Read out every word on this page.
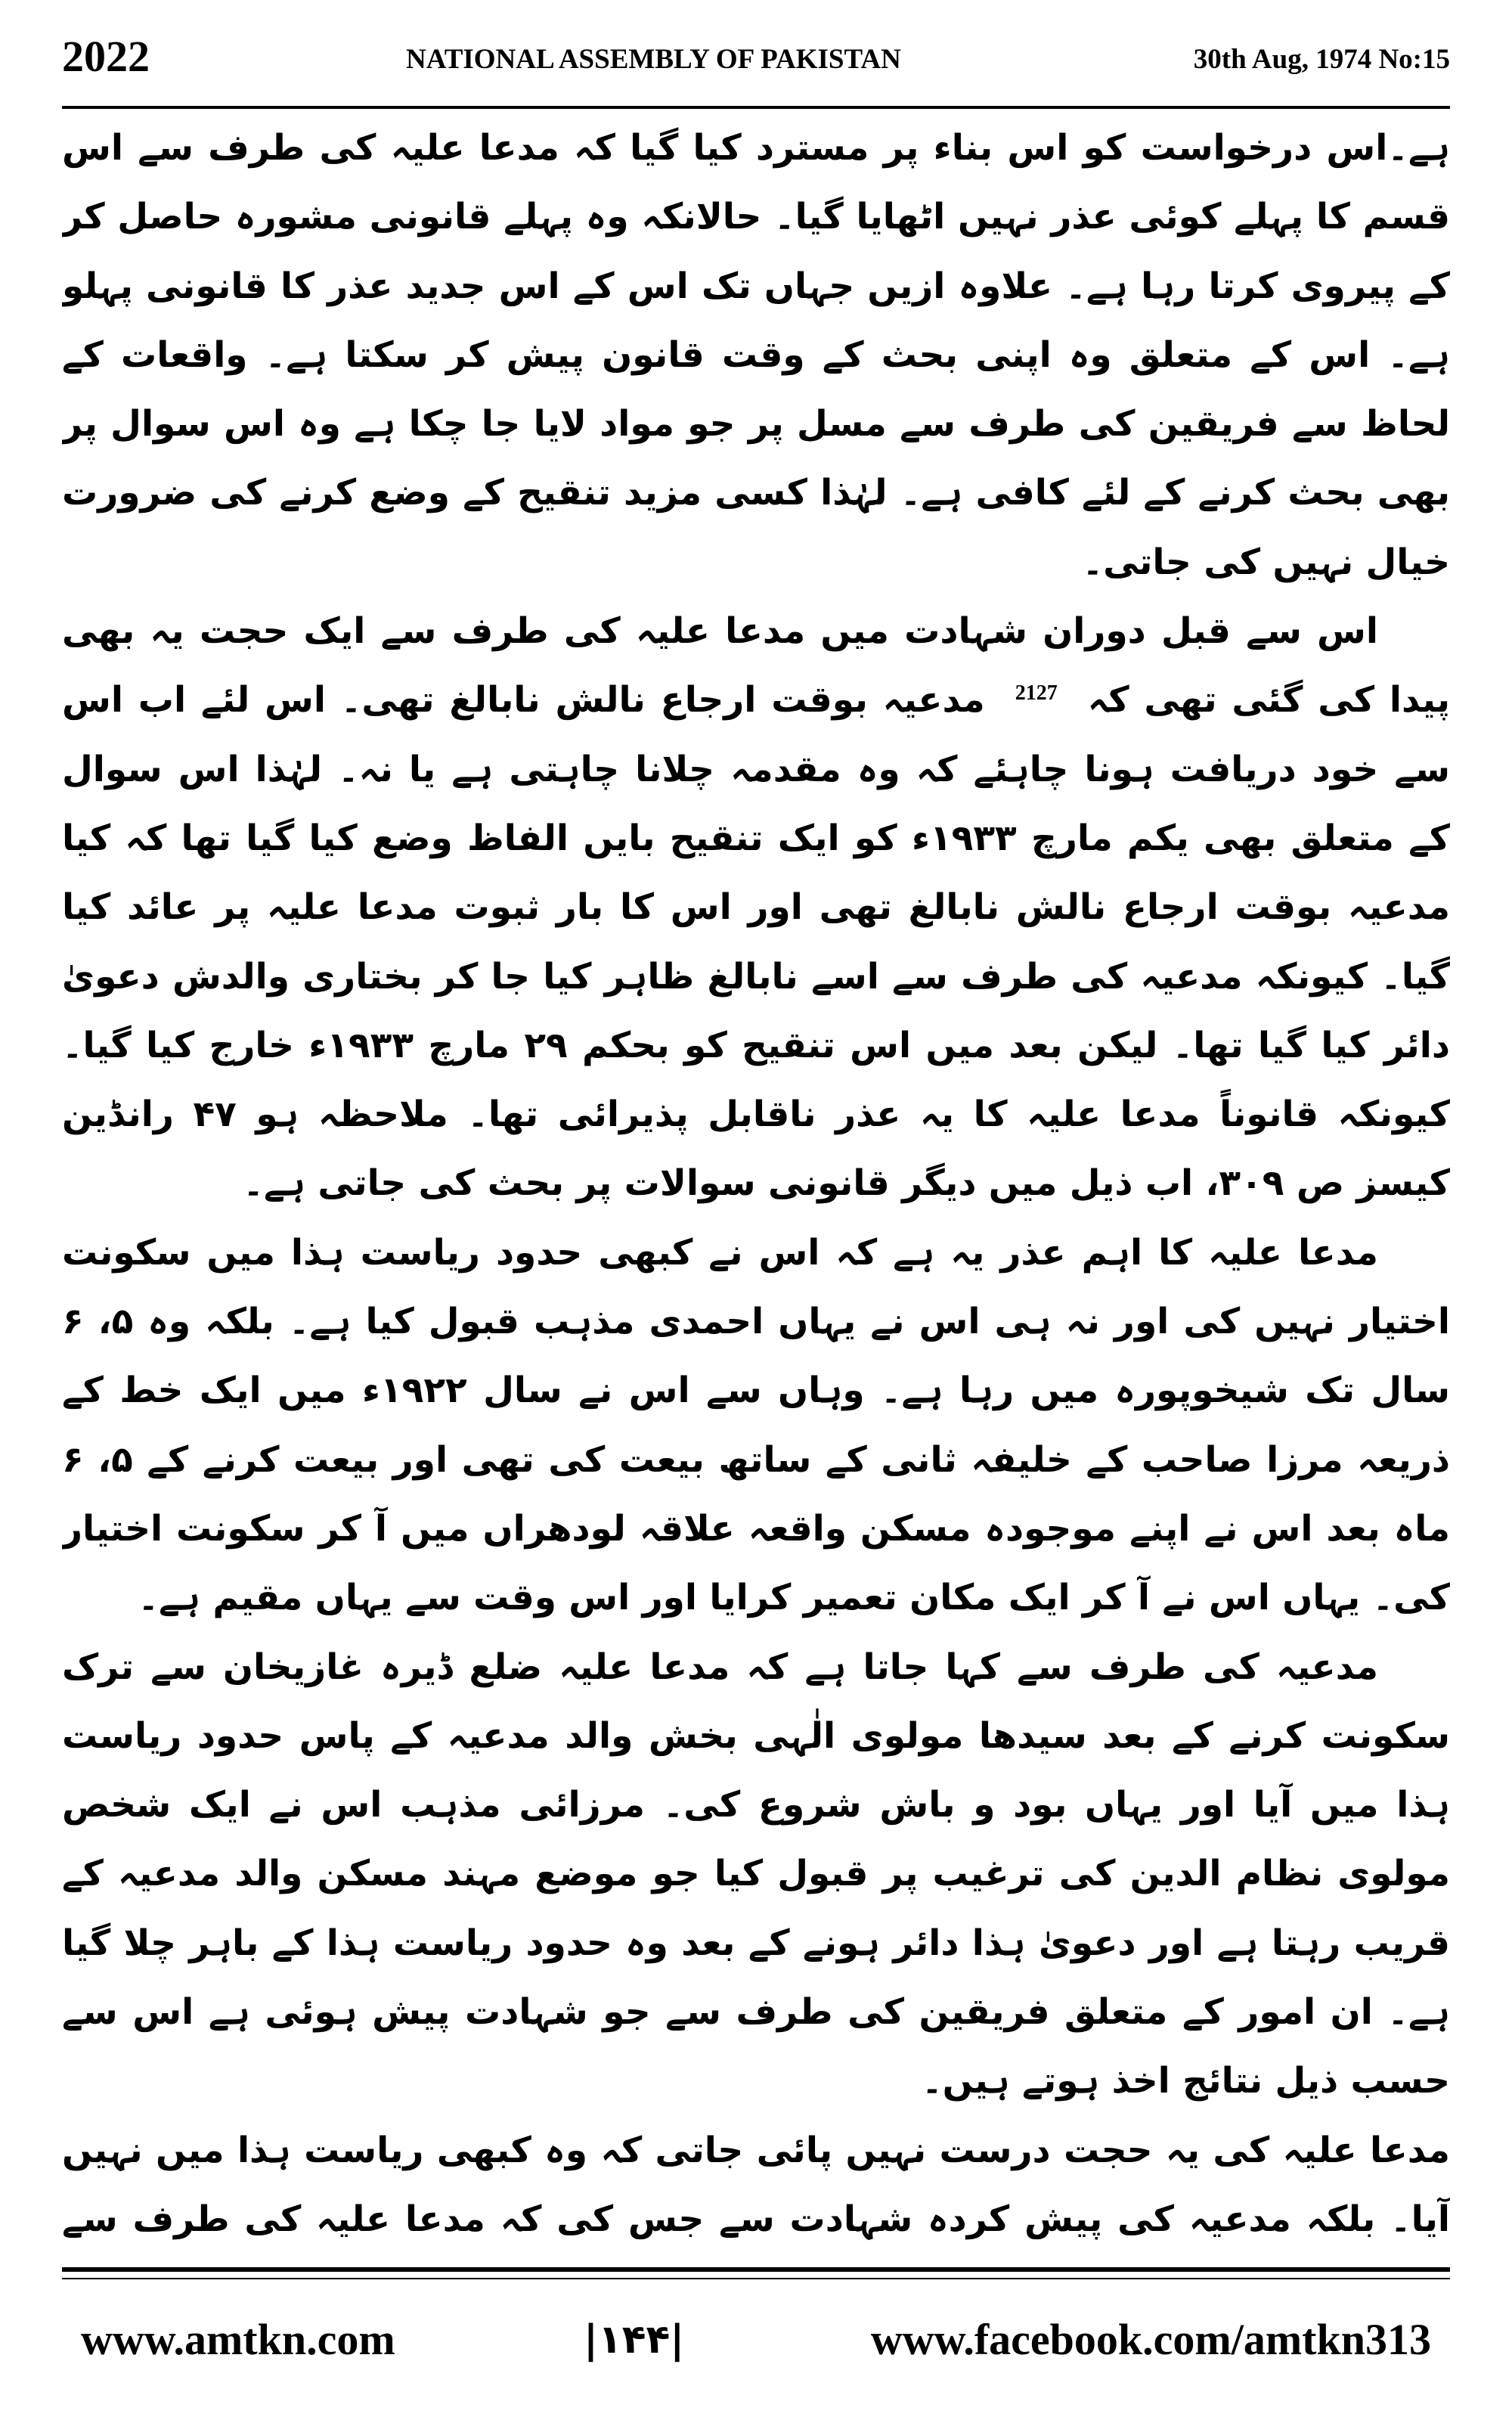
2022	NATIONAL ASSEMBLY OF PAKISTAN	30th Aug, 1974 No:15

ہے۔اس درخواست کو اس بناء پر مسترد کیا گیا کہ مدعا علیہ کی طرف سے اس قسم کا پہلے کوئی عذر نہیں اٹھایا گیا۔ حالانکہ وہ پہلے قانونی مشورہ حاصل کر کے پیروی کرتا رہا ہے۔ علاوہ ازیں جہاں تک اس کے اس جدید عذر کا قانونی پہلو ہے۔ اس کے متعلق وہ اپنی بحث کے وقت قانون پیش کر سکتا ہے۔ واقعات کے لحاظ سے فریقین کی طرف سے مسل پر جو مواد لایا جا چکا ہے وہ اس سوال پر بھی بحث کرنے کے لئے کافی ہے۔ لہٰذا کسی مزید تنقیح کے وضع کرنے کی ضرورت خیال نہیں کی جاتی۔

اس سے قبل دوران شہادت میں مدعا علیہ کی طرف سے ایک حجت یہ بھی پیدا کی گئی تھی کہ$^{2127}$مدعیہ بوقت ارجاع نالش نابالغ تھی۔ اس لئے اب اس سے خود دریافت ہونا چاہئے کہ وہ مقدمہ چلانا چاہتی ہے یا نہ۔ لہٰذا اس سوال کے متعلق بھی یکم مارچ ۱۹۳۳ء کو ایک تنقیح بایں الفاظ وضع کیا گیا تھا کہ کیا مدعیہ بوقت ارجاع نالش نابالغ تھی اور اس کا بار ثبوت مدعا علیہ پر عائد کیا گیا۔ کیونکہ مدعیہ کی طرف سے اسے نابالغ ظاہر کیا جا کر بختاری والدش دعویٰ دائر کیا گیا تھا۔ لیکن بعد میں اس تنقیح کو بحکم ۲۹ مارچ ۱۹۳۳ء خارج کیا گیا۔ کیونکہ قانوناً مدعا علیہ کا یہ عذر ناقابل پذیرائی تھا۔ ملاحظہ ہو ۴۷ رانڈین کیسز ص ۳۰۹، اب ذیل میں دیگر قانونی سوالات پر بحث کی جاتی ہے۔

مدعا علیہ کا اہم عذر یہ ہے کہ اس نے کبھی حدود ریاست ہذا میں سکونت اختیار نہیں کی اور نہ ہی اس نے یہاں احمدی مذہب قبول کیا ہے۔ بلکہ وہ ۵، ۶ سال تک شیخوپورہ میں رہا ہے۔ وہاں سے اس نے سال ۱۹۲۲ء میں ایک خط کے ذریعہ مرزا صاحب کے خلیفہ ثانی کے ساتھ بیعت کی تھی اور بیعت کرنے کے ۵، ۶ ماہ بعد اس نے اپنے موجودہ مسکن واقعہ علاقہ لودھراں میں آ کر سکونت اختیار کی۔ یہاں اس نے آ کر ایک مکان تعمیر کرایا اور اس وقت سے یہاں مقیم ہے۔

مدعیہ کی طرف سے کہا جاتا ہے کہ مدعا علیہ ضلع ڈیرہ غازیخان سے ترک سکونت کرنے کے بعد سیدھا مولوی الٰہی بخش والد مدعیہ کے پاس حدود ریاست ہذا میں آیا اور یہاں بود و باش شروع کی۔ مرزائی مذہب اس نے ایک شخص مولوی نظام الدین کی ترغیب پر قبول کیا جو موضع مہند مسکن والد مدعیہ کے قریب رہتا ہے اور دعویٰ ہذا دائر ہونے کے بعد وہ حدود ریاست ہذا کے باہر چلا گیا ہے۔ ان امور کے متعلق فریقین کی طرف سے جو شہادت پیش ہوئی ہے اس سے حسب ذیل نتائج اخذ ہوتے ہیں۔

مدعا علیہ کی یہ حجت درست نہیں پائی جاتی کہ وہ کبھی ریاست ہذا میں نہیں آیا۔ بلکہ مدعیہ کی پیش کردہ شہادت سے جس کی کہ مدعا علیہ کی طرف سے

www.amtkn.com	|۱۴۴|	www.facebook.com/amtkn313
